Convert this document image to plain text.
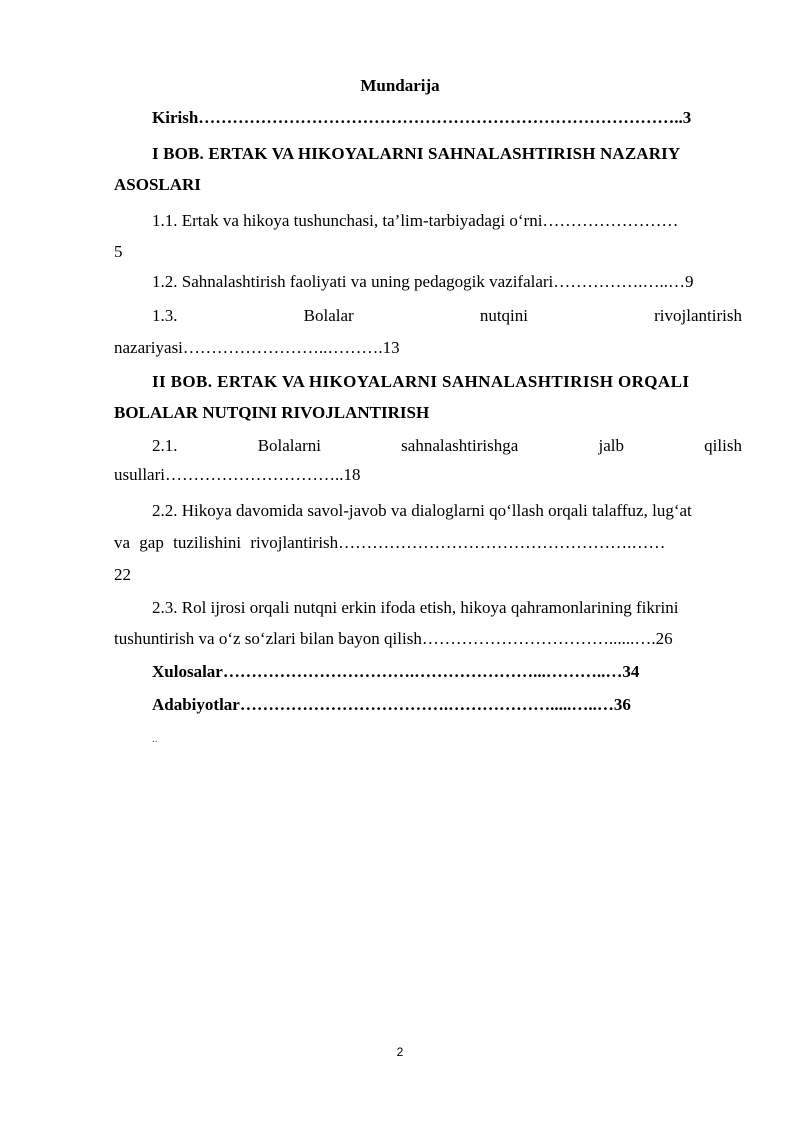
Mundarija
Kirish…………………………………………………………………………..3
I BOB. ERTAK VA HIKOYALARNI SAHNALASHTIRISH NAZARIY
ASOSLARI
1.1. Ertak va hikoya tushunchasi, ta’lim-tarbiyadagi o‘rni……………………
5
1.2. Sahnalashtirish faoliyati va uning pedagogik vazifalari…………….…..…9
1.3.	Bolalar	nutqini	rivojlantirish
nazariyasi……………………..……….13
II BOB. ERTAK VA HIKOYALARNI SAHNALASHTIRISH ORQALI
BOLALAR NUTQINI RIVOJLANTIRISH
2.1.	Bolalarni	sahnalashtirishga	jalb	qilish
usullari…………………………..18
2.2. Hikoya davomida savol-javob va dialoglarni qo‘llash orqali talaffuz, lug‘at
va gap tuzilishini rivojlantirish…………………………………………….……
22
2.3. Rol ijrosi orqali nutqni erkin ifoda etish, hikoya qahramonlarining fikrini
tushuntirish va o‘z so‘zlari bilan bayon qilish……………………………......….26
Xulosalar…………………………….…………………...………..…34
Adabiyotlar……………………………….……………….....…..…36
..
2
